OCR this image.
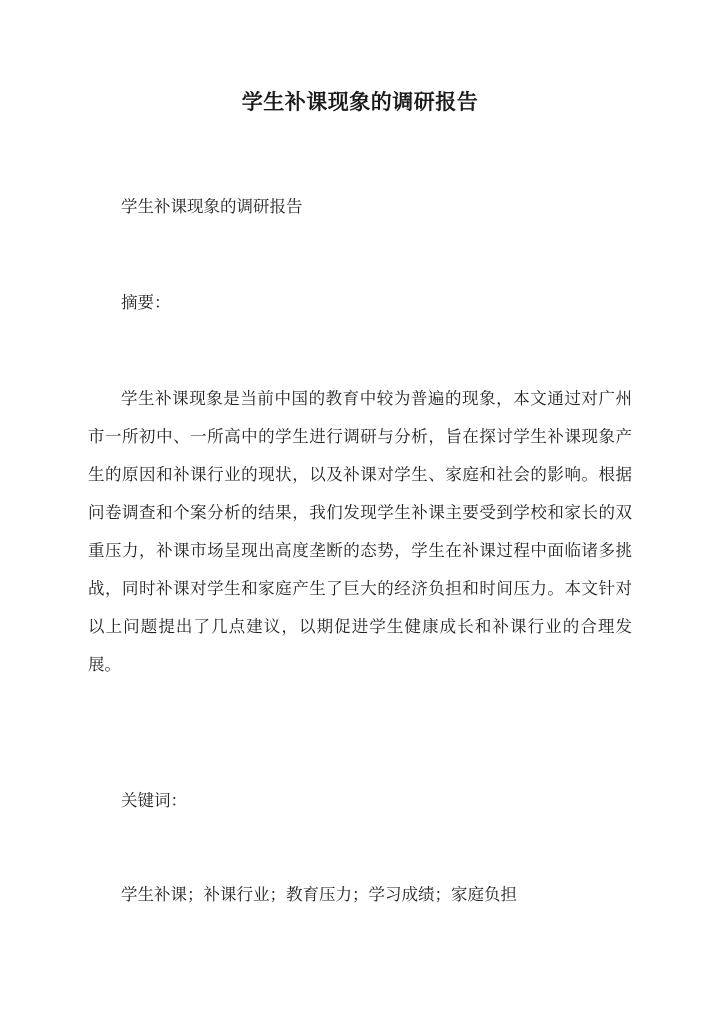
学生补课现象的调研报告

学生补课现象的调研报告

摘要：

学生补课现象是当前中国的教育中较为普遍的现象，本文通过对广州市一所初中、一所高中的学生进行调研与分析，旨在探讨学生补课现象产生的原因和补课行业的现状，以及补课对学生、家庭和社会的影响。根据问卷调查和个案分析的结果，我们发现学生补课主要受到学校和家长的双重压力，补课市场呈现出高度垄断的态势，学生在补课过程中面临诸多挑战，同时补课对学生和家庭产生了巨大的经济负担和时间压力。本文针对以上问题提出了几点建议，以期促进学生健康成长和补课行业的合理发展。

关键词：

学生补课；补课行业；教育压力；学习成绩；家庭负担
